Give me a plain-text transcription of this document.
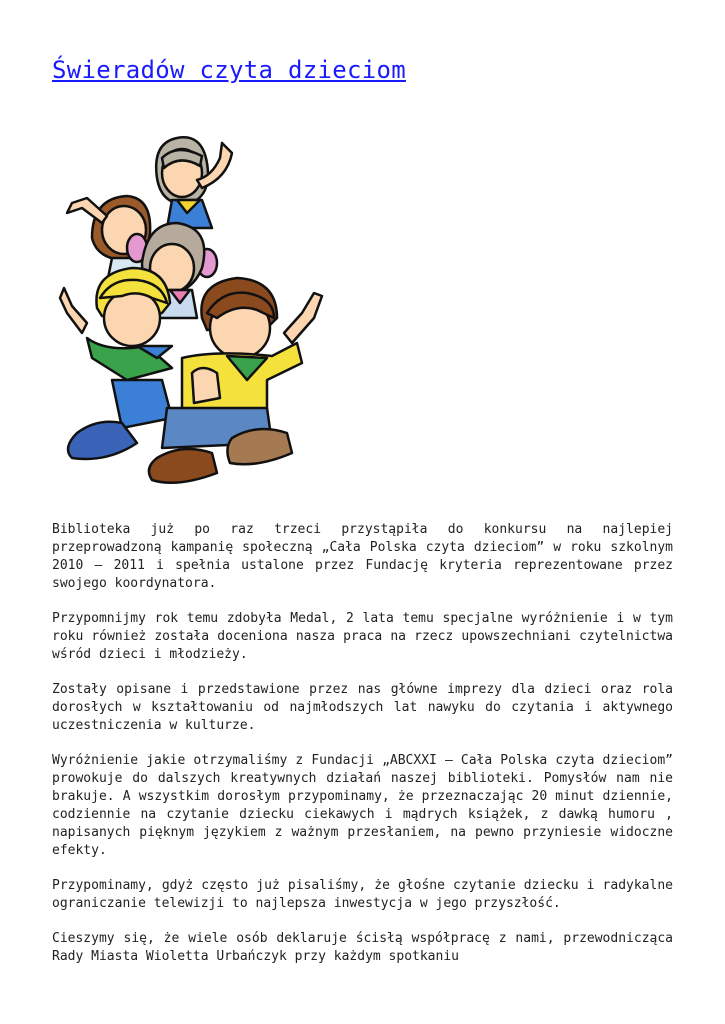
Świeradów czyta dzieciom

Biblioteka już po raz trzeci przystąpiła do konkursu na najlepiej przeprowadzoną kampanię społeczną „Cała Polska czyta dzieciom” w roku szkolnym 2010 – 2011 i spełnia ustalone przez Fundację kryteria reprezentowane przez swojego koordynatora.

Przypomnijmy rok temu zdobyła Medal, 2 lata temu specjalne wyróżnienie i w tym roku również została doceniona nasza praca na rzecz upowszechniani czytelnictwa wśród dzieci i młodzieży.

Zostały opisane i przedstawione przez nas główne imprezy dla dzieci oraz rola dorosłych w kształtowaniu od najmłodszych lat nawyku do czytania i aktywnego uczestniczenia w kulturze.

Wyróżnienie jakie otrzymaliśmy z Fundacji „ABCXXI – Cała Polska czyta dzieciom” prowokuje do dalszych kreatywnych działań naszej biblioteki. Pomysłów nam nie brakuje. A wszystkim dorosłym przypominamy, że przeznaczając 20 minut dziennie, codziennie na czytanie dziecku ciekawych i mądrych książek, z dawką humoru , napisanych pięknym językiem z ważnym przesłaniem, na pewno przyniesie widoczne efekty.

Przypominamy, gdyż często już pisaliśmy, że głośne czytanie dziecku i radykalne ograniczanie telewizji to najlepsza inwestycja w jego przyszłość.

Cieszymy się, że wiele osób deklaruje ścisłą współpracę z nami, przewodnicząca Rady Miasta Wioletta Urbańczyk przy każdym spotkaniu
